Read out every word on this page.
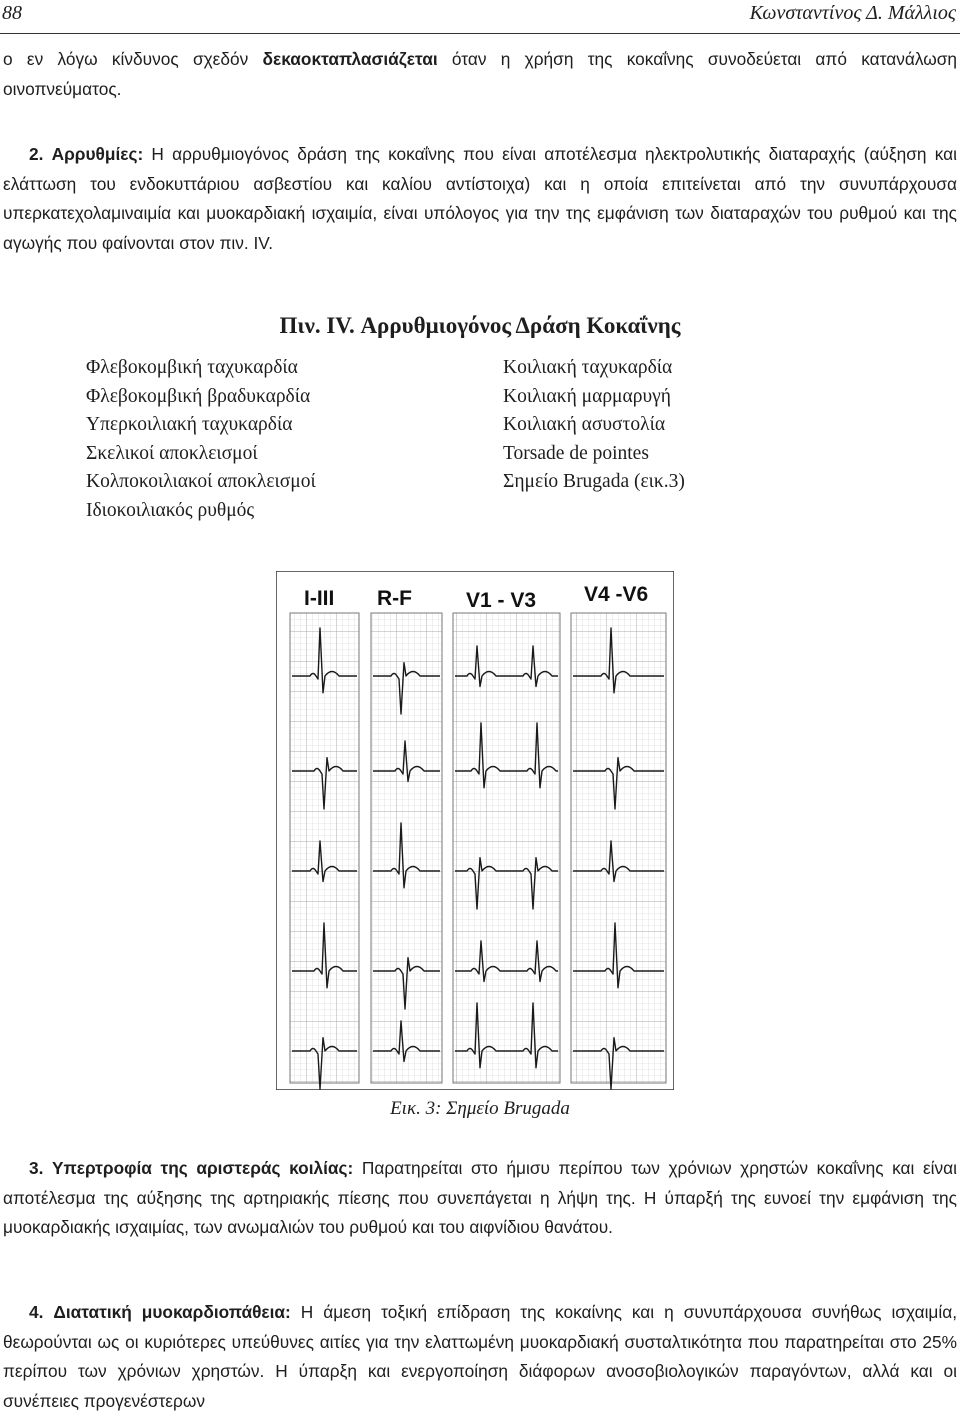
88	Κωνσταντίνος Δ. Μάλλιος
ο εν λόγω κίνδυνος σχεδόν δεκαοκταπλασιάζεται όταν η χρήση της κοκαΐνης συνοδεύεται από κατανάλωση οινοπνεύματος.
2. Αρρυθμίες: Η αρρυθμιογόνος δράση της κοκαΐνης που είναι αποτέλεσμα ηλεκτρολυτικής διαταραχής (αύξηση και ελάττωση του ενδοκυττάριου ασβεστίου και καλίου αντίστοιχα) και η οποία επιτείνεται από την συνυπάρχουσα υπερκατεχολαμιναιμία και μυοκαρδιακή ισχαιμία, είναι υπόλογος για την της εμφάνιση των διαταραχών του ρυθμού και της αγωγής που φαίνονται στον πιν. IV.
Πιν. IV. Αρρυθμιογόνος Δράση Κοκαΐνης
Φλεβοκομβική ταχυκαρδία
Φλεβοκομβική βραδυκαρδία
Υπερκοιλιακή ταχυκαρδία
Σκελικοί αποκλεισμοί
Κολποκοιλιακοί αποκλεισμοί
Ιδιοκοιλιακός ρυθμός
Κοιλιακή ταχυκαρδία
Κοιλιακή μαρμαρυγή
Κοιλιακή ασυστολία
Torsade de pointes
Σημείο Brugada (εικ.3)
I-III R-F	V1 - V3 V4 -V6
Εικ. 3: Σημείο Brugada
3. Υπερτροφία της αριστεράς κοιλίας: Παρατηρείται στο ήμισυ περίπου των χρόνιων χρηστών κοκαΐνης και είναι αποτέλεσμα της αύξησης της αρτηριακής πίεσης που συνεπάγεται η λήψη της. Η ύπαρξή της ευνοεί την εμφάνιση της μυοκαρδιακής ισχαιμίας, των ανωμαλιών του ρυθμού και του αιφνίδιου θανάτου.
4. Διατατική μυοκαρδιοπάθεια: Η άμεση τοξική επίδραση της κοκαίνης και η συνυπάρχουσα συνήθως ισχαιμία, θεωρούνται ως οι κυριότερες υπεύθυνες αιτίες για την ελαττωμένη μυοκαρδιακή συσταλτικότητα που παρατηρείται στο 25% περίπου των χρόνιων χρηστών. Η ύπαρξη και ενεργοποίηση διάφορων ανοσοβιολογικών παραγόντων, αλλά και οι συνέπειες προγενέστερων
